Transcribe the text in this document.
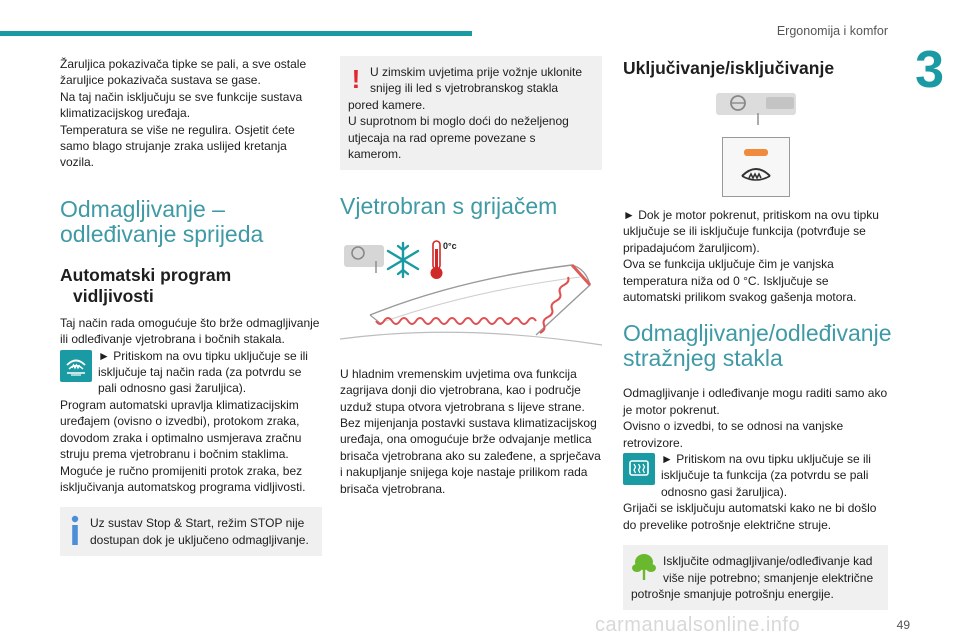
Ergonomija i komfor
3

Žaruljica pokazivača tipke se pali, a sve ostale

žaruljice pokazivača sustava se gase.

Na taj način isključuju se sve funkcije sustava

klimatizacijskog uređaja.

Temperatura se više ne regulira. Osjetit ćete

samo blago strujanje zraka uslijed kretanja

vozila.

Odmagljivanje –
odleđivanje sprijeda
Automatski program
vidljivosti

Taj način rada omogućuje što brže odmagljivanje ili odleđivanje vjetrobrana i bočnih stakala.

► Pritiskom na ovu tipku uključuje se ili isključuje taj način rada (za potvrdu se pali odnosno gasi žaruljica).

Program automatski upravlja klimatizacijskim uređajem (ovisno o izvedbi), protokom zraka, dovodom zraka i optimalno usmjerava zračnu struju prema vjetrobranu i bočnim staklima. Moguće je ručno promijeniti protok zraka, bez isključivanja automatskog programa vidljivosti.

Uz sustav Stop & Start, režim STOP nije dostupan dok je uključeno odmagljivanje.
! U zimskim uvjetima prije vožnje uklonite snijeg ili led s vjetrobranskog stakla pored kamere.

U suprotnom bi moglo doći do neželjenog utjecaja na rad opreme povezane s kamerom.

Vjetrobran s grijačem
0°c

U hladnim vremenskim uvjetima ova funkcija zagrijava donji dio vjetrobrana, kao i područje uzduž stupa otvora vjetrobrana s lijeve strane. Bez mijenjanja postavki sustava klimatizacijskog uređaja, ona omogućuje brže odvajanje metlica brisača vjetrobrana ako su zaleđene, a sprječava i nakupljanje snijega koje nastaje prilikom rada brisača vjetrobrana.

Uključivanje/isključivanje

► Dok je motor pokrenut, pritiskom na ovu tipku uključuje se ili isključuje funkcija (potvrđuje se pripadajućom žaruljicom).

Ova se funkcija uključuje čim je vanjska temperatura niža od 0 °C. Isključuje se automatski prilikom svakog gašenja motora.

Odmagljivanje/odleđivanje
stražnjeg stakla

Odmagljivanje i odleđivanje mogu raditi samo ako je motor pokrenut.

Ovisno o izvedbi, to se odnosi na vanjske retrovizore.

► Pritiskom na ovu tipku uključuje se ili isključuje ta funkcija (za potvrdu se pali odnosno gasi žaruljica).

Grijači se isključuju automatski kako ne bi došlo do prevelike potrošnje električne struje.

Isključite odmagljivanje/odleđivanje kad više nije potrebno; smanjenje električne potrošnje smanjuje potrošnju energije.

carmanualsonline.info	49
